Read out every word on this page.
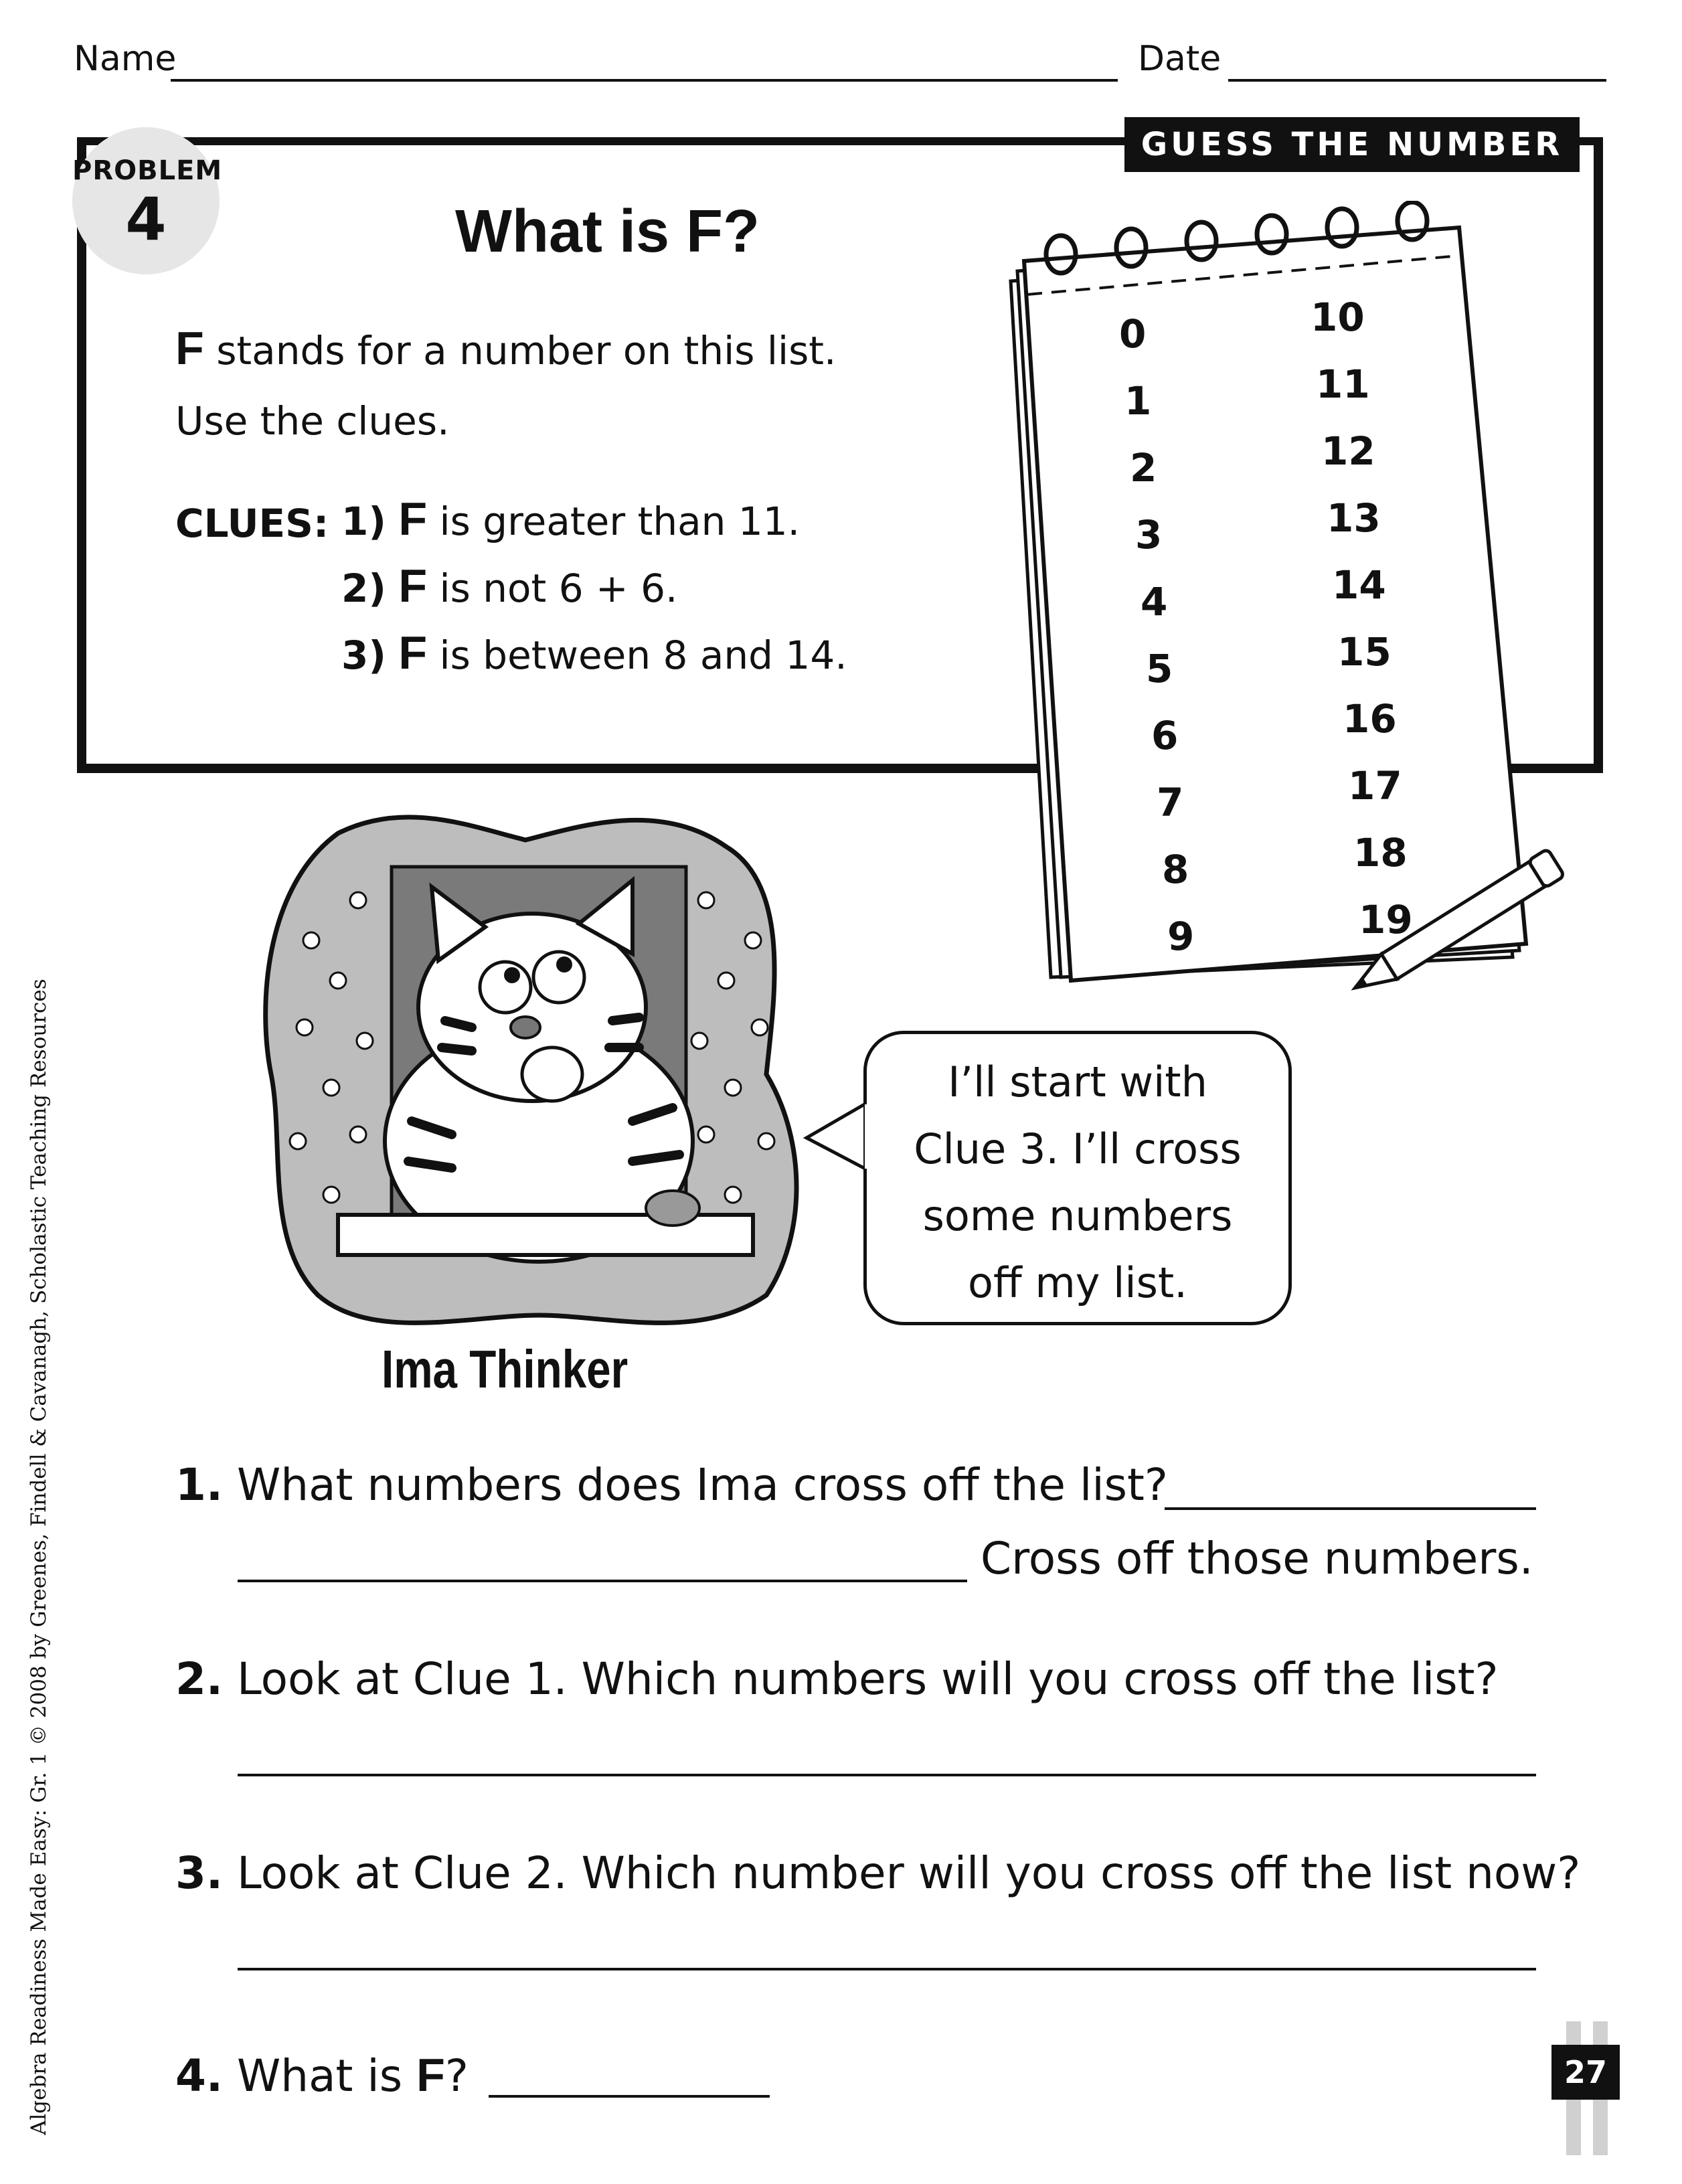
Name	Date
GUESS THE NUMBER
PROBLEM
4	What is F?
F stands for a number on this list.
Use the clues.
CLUES: 1) F is greater than 11.
2) F is not 6 + 6.
3) F is between 8 and 14.
0
1
2
3
4
5
6
7
8
9
10
11
12
13
14
15
16
17
18
19
I’ll start with
Clue 3. I’ll cross
some numbers
off my list.
Ima Thinker
1. What numbers does Ima cross off the list?
Cross off those numbers.
2. Look at Clue 1. Which numbers will you cross off the list?
3. Look at Clue 2. Which number will you cross off the list now?
4. What is F?	27
Algebra Readiness Made Easy: Gr. 1 © 2008 by Greenes, Findell & Cavanagh, Scholastic Teaching Resources
